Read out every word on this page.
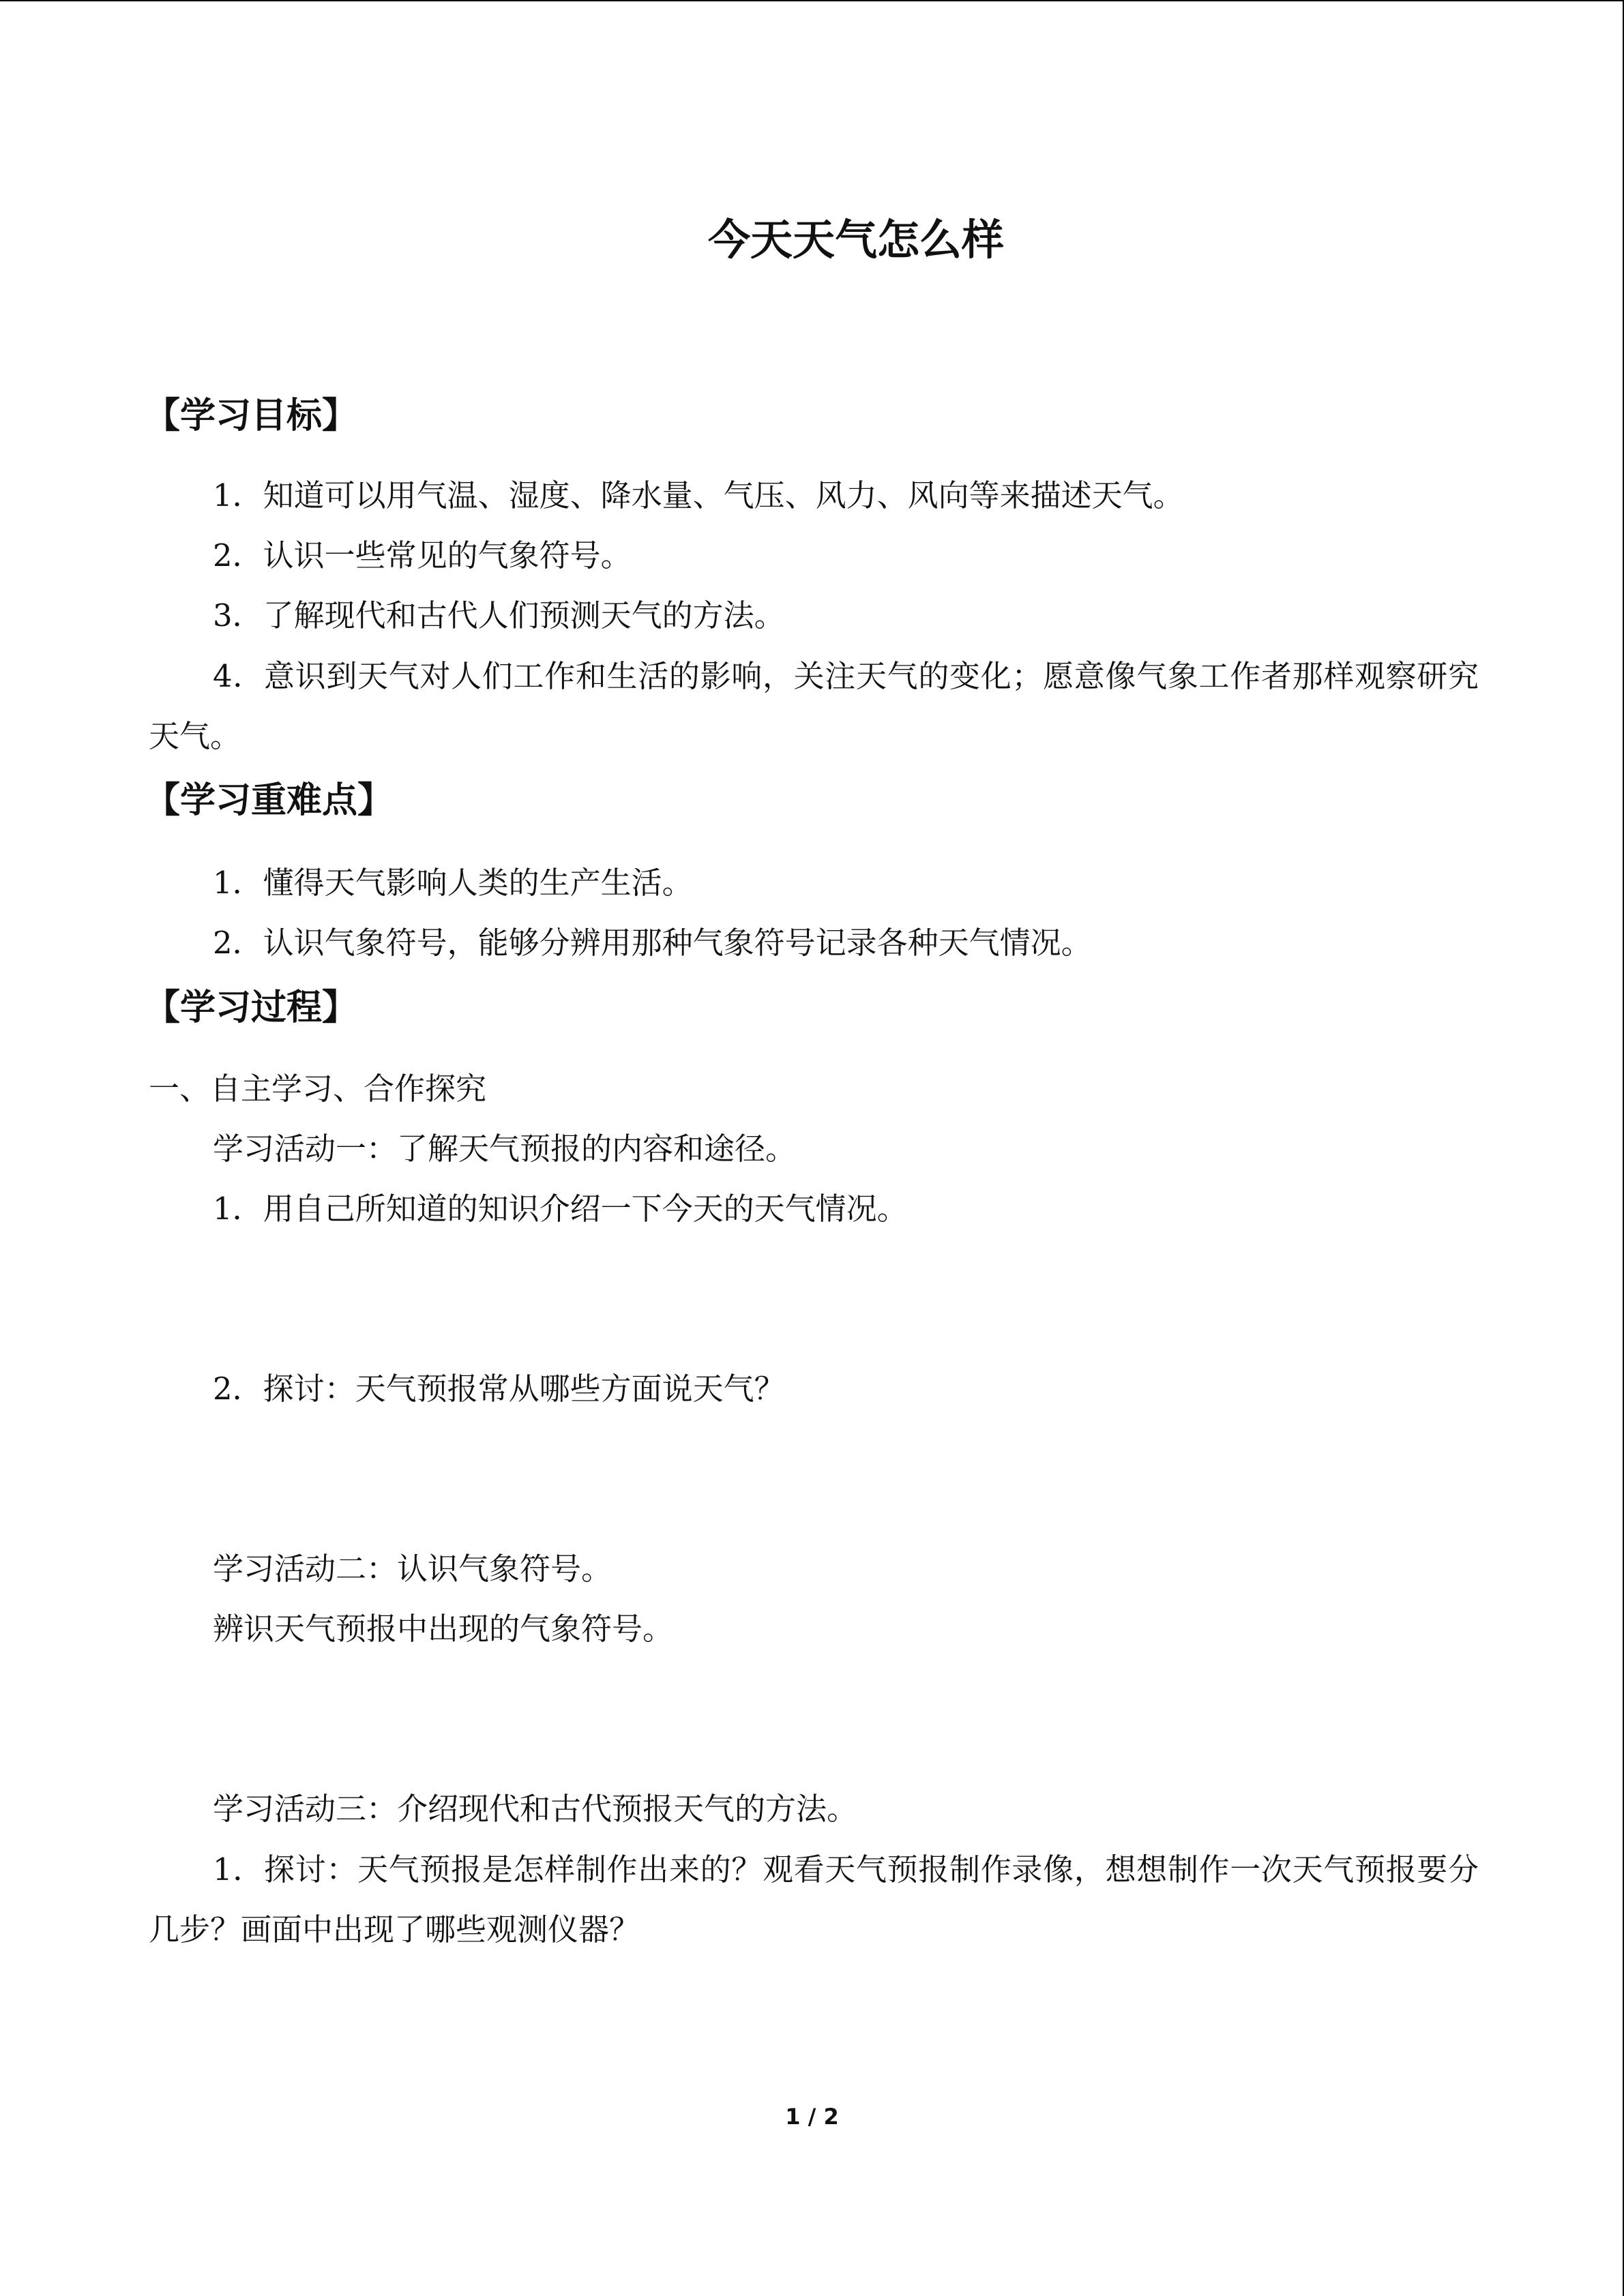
今天天气怎么样
【学习目标】

1．知道可以用气温、湿度、降水量、气压、风力、风向等来描述天气。

2．认识一些常见的气象符号。

3．了解现代和古代人们预测天气的方法。

4．意识到天气对人们工作和生活的影响，关注天气的变化；愿意像气象工作者那样观察研究天气。

【学习重难点】

1．懂得天气影响人类的生产生活。

2．认识气象符号，能够分辨用那种气象符号记录各种天气情况。

【学习过程】

一、自主学习、合作探究

学习活动一：了解天气预报的内容和途径。

1．用自己所知道的知识介绍一下今天的天气情况。

2．探讨：天气预报常从哪些方面说天气？

学习活动二：认识气象符号。

辨识天气预报中出现的气象符号。

学习活动三：介绍现代和古代预报天气的方法。

1．探讨：天气预报是怎样制作出来的？观看天气预报制作录像，想想制作一次天气预报要分几步？画面中出现了哪些观测仪器？

1 / 2
